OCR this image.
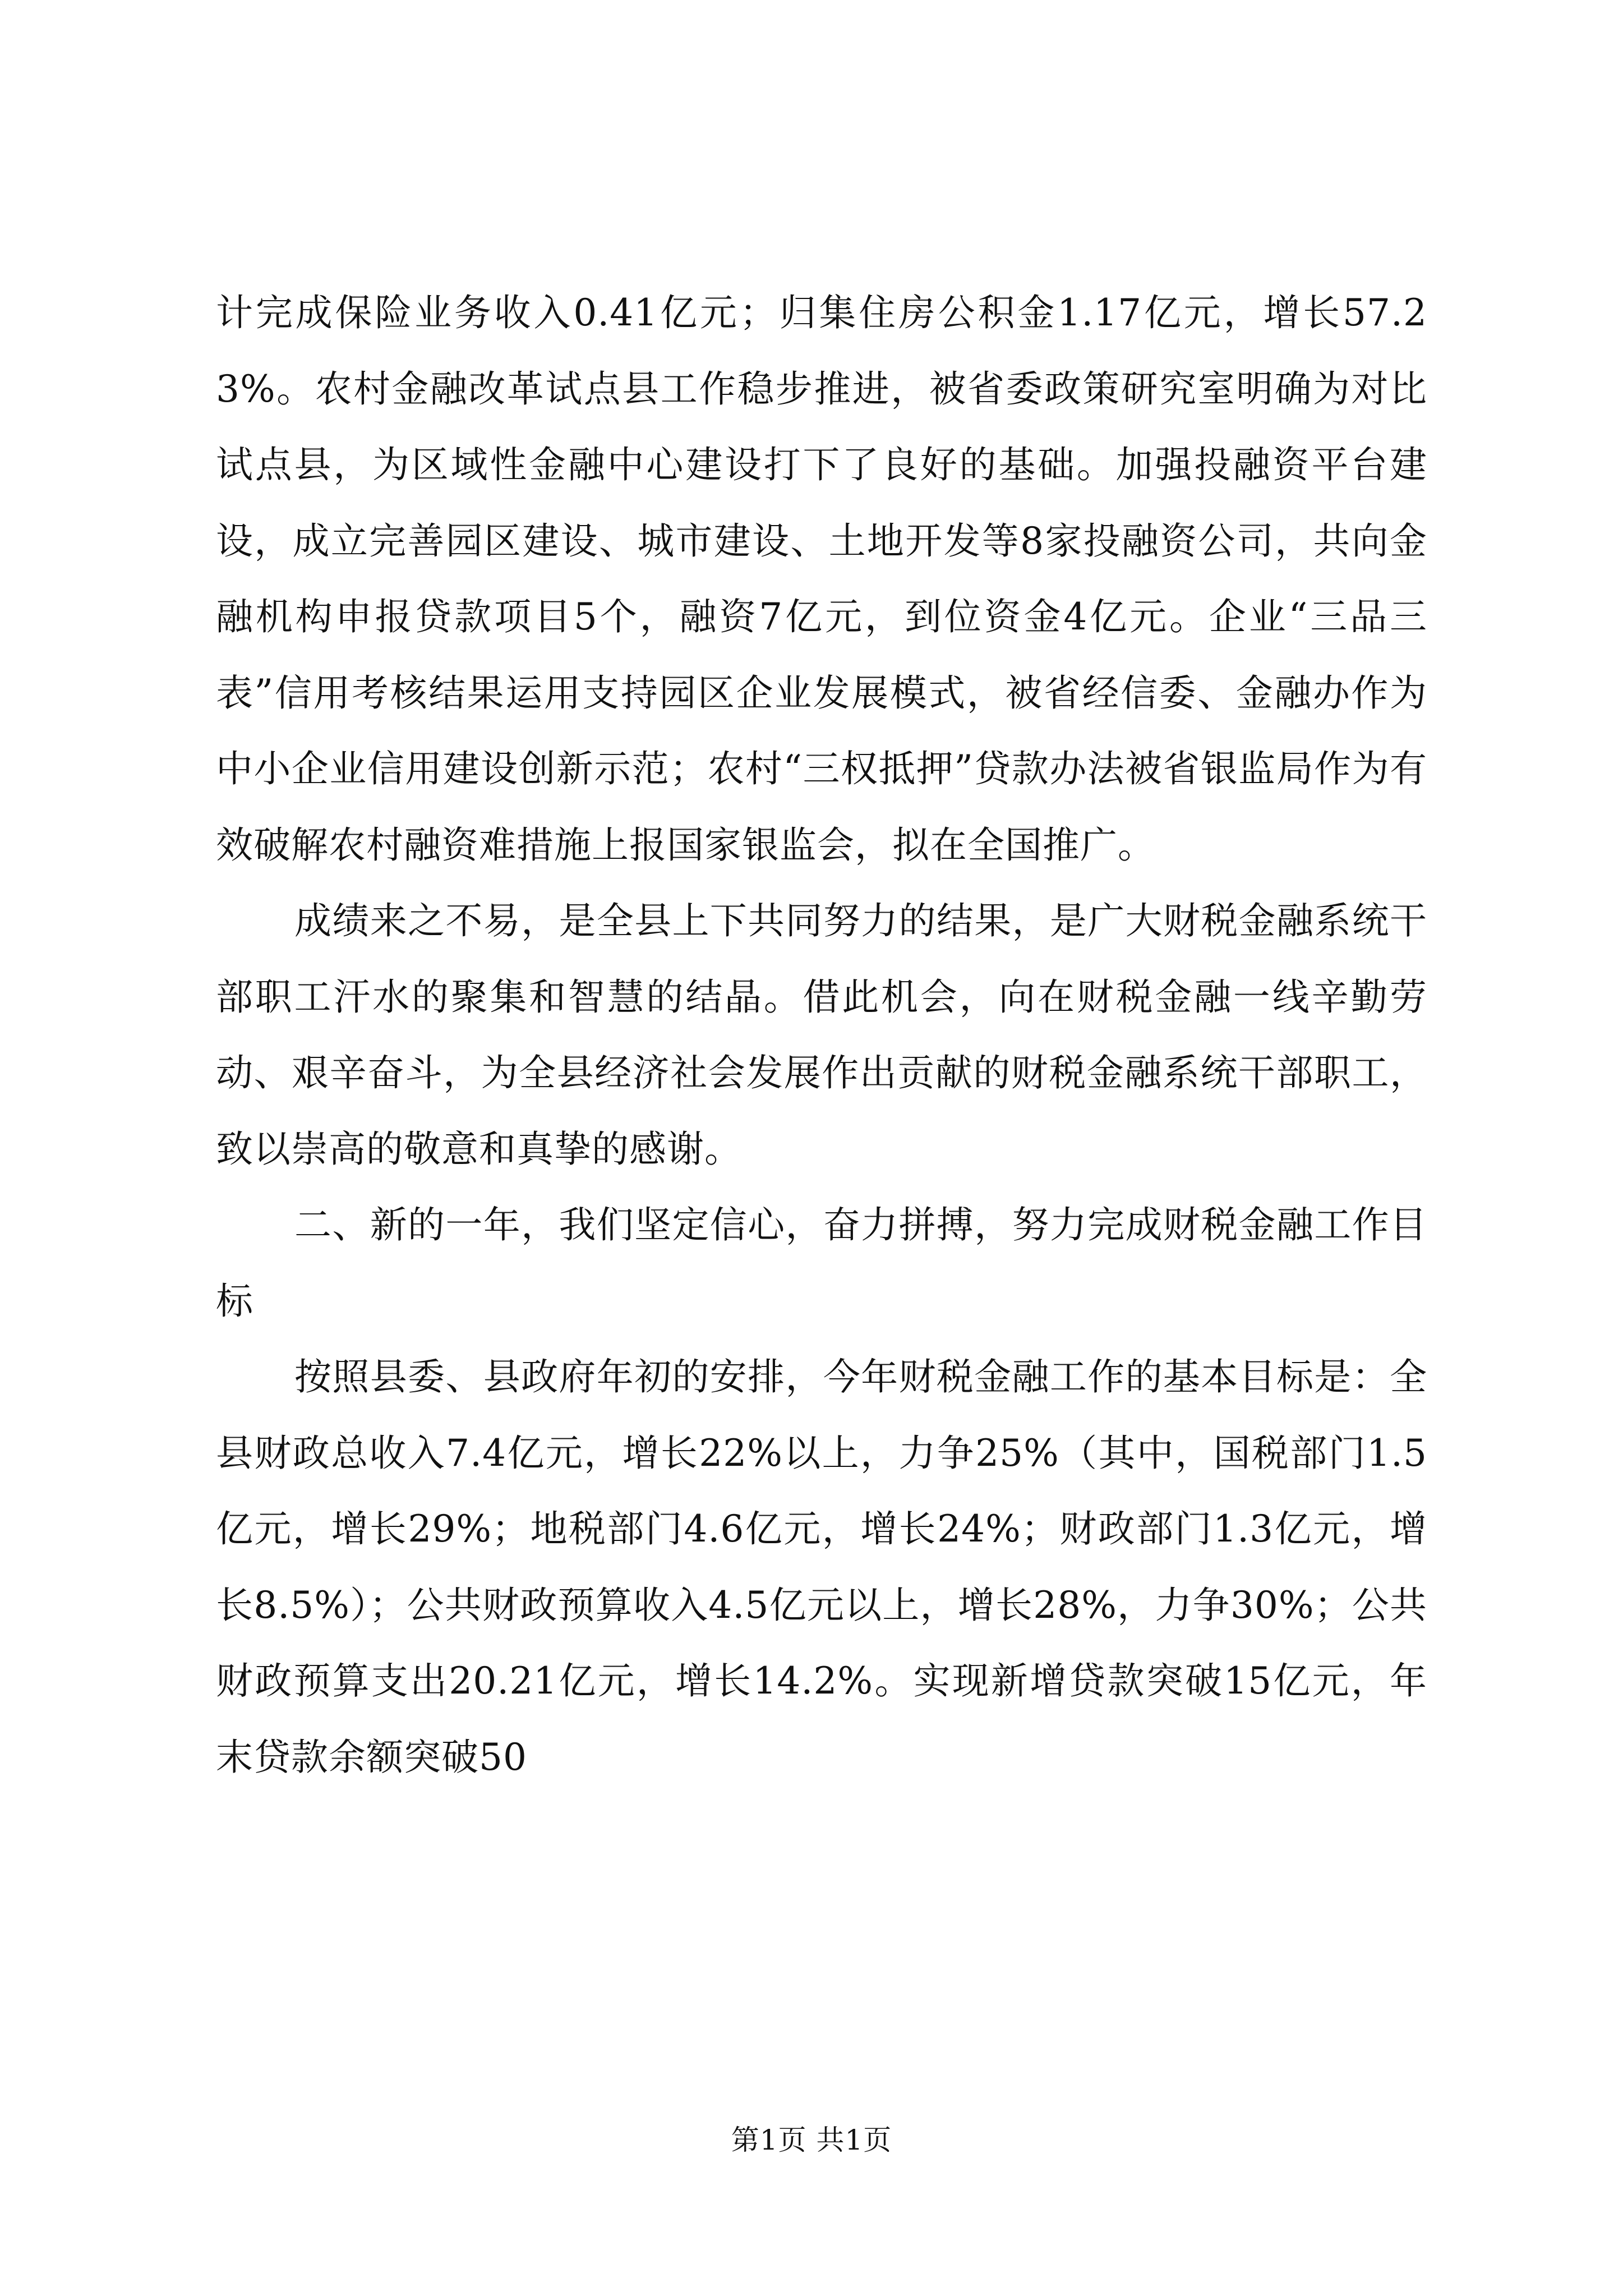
计完成保险业务收入0.41亿元；归集住房公积金1.17亿元，增长57.23%。农村金融改革试点县工作稳步推进，被省委政策研究室明确为对比试点县，为区域性金融中心建设打下了良好的基础。加强投融资平台建设，成立完善园区建设、城市建设、土地开发等8家投融资公司，共向金融机构申报贷款项目5个，融资7亿元，到位资金4亿元。企业“三品三表”信用考核结果运用支持园区企业发展模式，被省经信委、金融办作为中小企业信用建设创新示范；农村“三权抵押”贷款办法被省银监局作为有效破解农村融资难措施上报国家银监会，拟在全国推广。

成绩来之不易，是全县上下共同努力的结果，是广大财税金融系统干部职工汗水的聚集和智慧的结晶。借此机会，向在财税金融一线辛勤劳动、艰辛奋斗，为全县经济社会发展作出贡献的财税金融系统干部职工，致以崇高的敬意和真挚的感谢。

二、新的一年，我们坚定信心，奋力拼搏，努力完成财税金融工作目标

按照县委、县政府年初的安排，今年财税金融工作的基本目标是：全县财政总收入7.4亿元，增长22%以上，力争25%（其中，国税部门1.5亿元，增长29%；地税部门4.6亿元，增长24%；财政部门1.3亿元，增长8.5%）；公共财政预算收入4.5亿元以上，增长28%，力争30%；公共财政预算支出20.21亿元，增长14.2%。实现新增贷款突破15亿元，年末贷款余额突破50

第1页 共1页
